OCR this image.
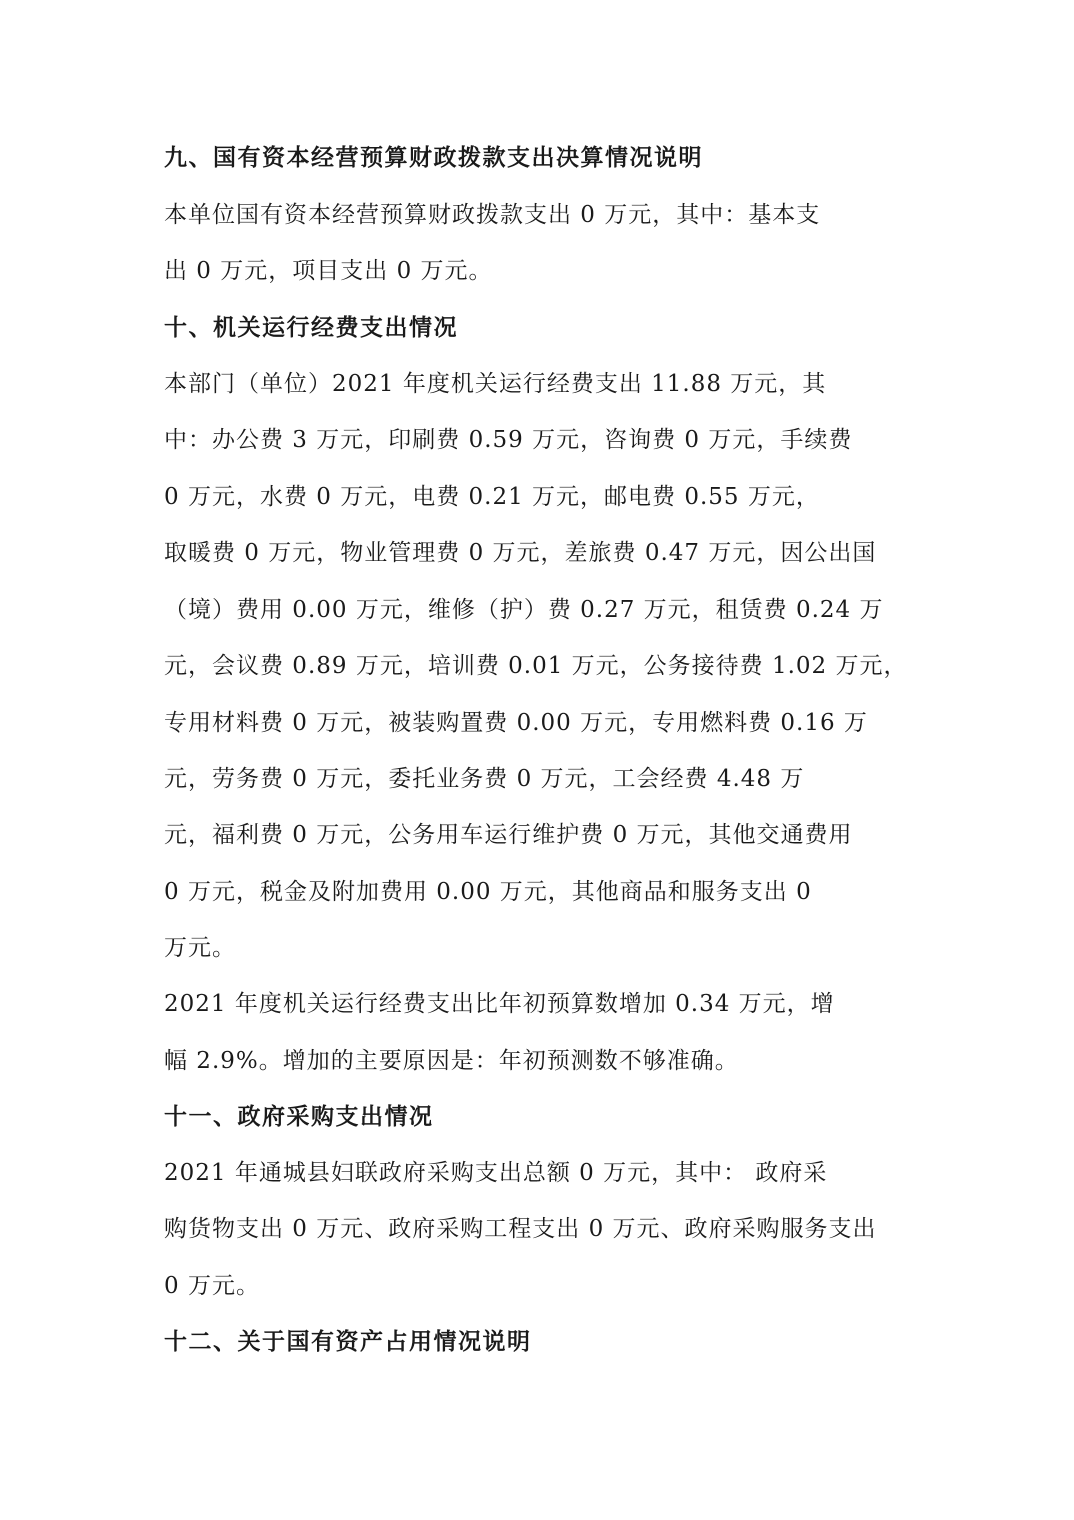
九、国有资本经营预算财政拨款支出决算情况说明
本单位国有资本经营预算财政拨款支出 0 万元，其中：基本支
出 0 万元，项目支出 0 万元。
十、机关运行经费支出情况
本部门（单位）2021 年度机关运行经费支出 11.88 万元，其
中：办公费 3 万元，印刷费 0.59 万元，咨询费 0 万元，手续费
0 万元，水费 0 万元，电费 0.21 万元，邮电费 0.55 万元，
取暖费 0 万元，物业管理费 0 万元，差旅费 0.47 万元，因公出国
（境）费用 0.00 万元，维修（护）费 0.27 万元，租赁费 0.24 万
元，会议费 0.89 万元，培训费 0.01 万元，公务接待费 1.02 万元，
专用材料费 0 万元，被装购置费 0.00 万元，专用燃料费 0.16 万
元，劳务费 0 万元，委托业务费 0 万元，工会经费 4.48 万
元，福利费 0 万元，公务用车运行维护费 0 万元，其他交通费用
0 万元，税金及附加费用 0.00 万元，其他商品和服务支出 0
万元。
2021 年度机关运行经费支出比年初预算数增加 0.34 万元，增
幅 2.9%。增加的主要原因是：年初预测数不够准确。
十一、政府采购支出情况
2021 年通城县妇联政府采购支出总额 0 万元，其中： 政府采
购货物支出 0 万元、政府采购工程支出 0 万元、政府采购服务支出
0 万元。
十二、关于国有资产占用情况说明
